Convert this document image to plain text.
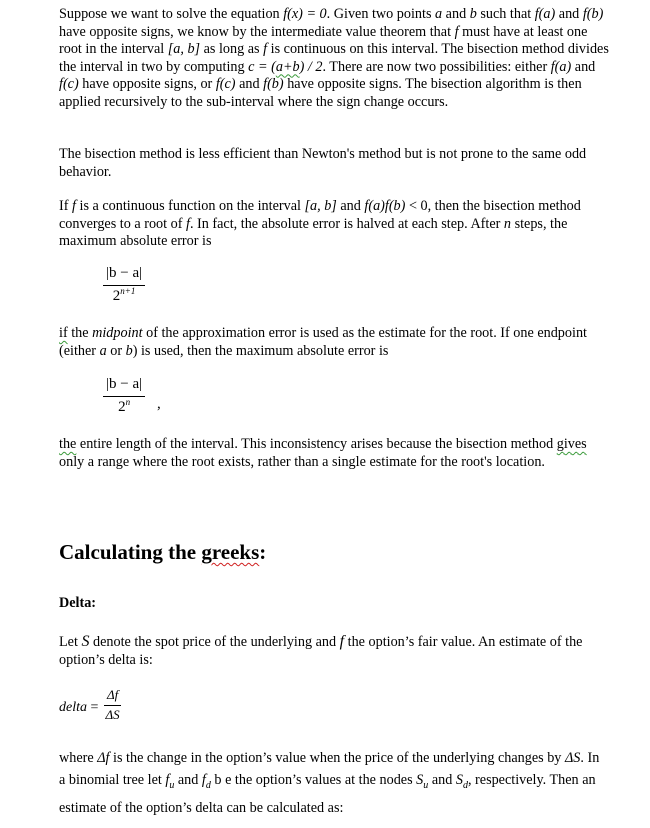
Suppose we want to solve the equation f(x) = 0. Given two points a and b such that f(a) and f(b) have opposite signs, we know by the intermediate value theorem that f must have at least one root in the interval [a, b] as long as f is continuous on this interval. The bisection method divides the interval in two by computing c = (a+b) / 2. There are now two possibilities: either f(a) and f(c) have opposite signs, or f(c) and f(b) have opposite signs. The bisection algorithm is then applied recursively to the sub-interval where the sign change occurs.
The bisection method is less efficient than Newton's method but is not prone to the same odd behavior.
If f is a continuous function on the interval [a, b] and f(a)f(b) < 0, then the bisection method converges to a root of f. In fact, the absolute error is halved at each step. After n steps, the maximum absolute error is
|b − a|
$2^{n+1}$
if the midpoint of the approximation error is used as the estimate for the root. If one endpoint (either a or b) is used, then the maximum absolute error is
|b − a|
2$^n$	,
the entire length of the interval. This inconsistency arises because the bisection method gives only a range where the root exists, rather than a single estimate for the root's location.
Calculating the greeks:
Delta:
Let S denote the spot price of the underlying and f the option’s fair value. An estimate of the option’s delta is:
delta =
Δf
ΔS
where Δf is the change in the option’s value when the price of the underlying changes by ΔS. In a binomial tree let $f_u$ and $f_d$ b e the option’s values at the nodes $S_u$ and $S_d$, respectively. Then an estimate of the option’s delta can be calculated as:
